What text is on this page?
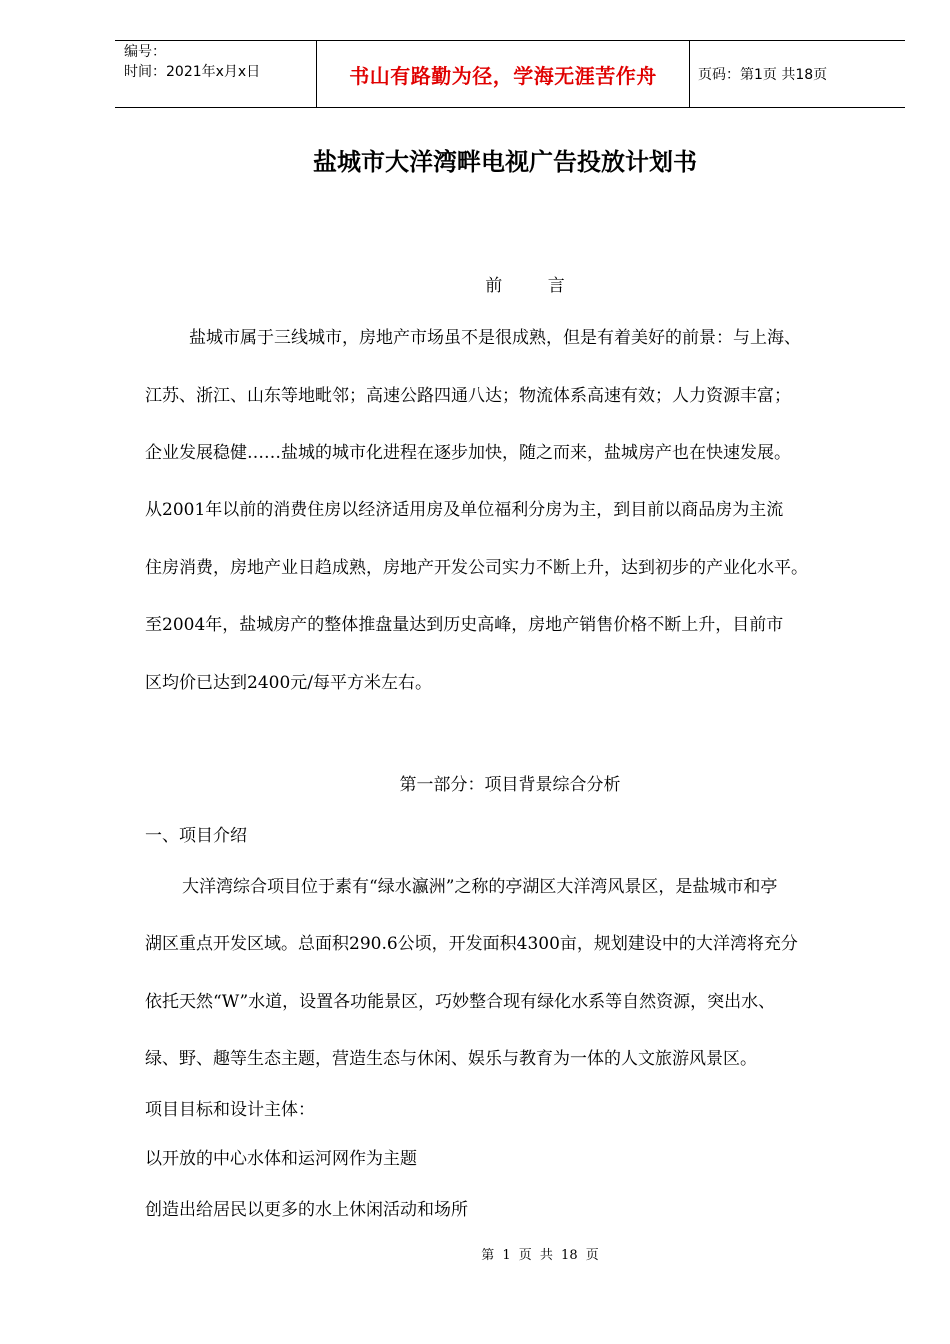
编号：
时间：2021年x月x日	书山有路勤为径，学海无涯苦作舟	页码：第1页 共18页
盐城市大洋湾畔电视广告投放计划书
前 言
盐城市属于三线城市，房地产市场虽不是很成熟，但是有着美好的前景：与上海、
江苏、浙江、山东等地毗邻；高速公路四通八达；物流体系高速有效；人力资源丰富；
企业发展稳健……盐城的城市化进程在逐步加快，随之而来，盐城房产也在快速发展。
从2001年以前的消费住房以经济适用房及单位福利分房为主，到目前以商品房为主流
住房消费，房地产业日趋成熟，房地产开发公司实力不断上升，达到初步的产业化水平。
至2004年，盐城房产的整体推盘量达到历史高峰，房地产销售价格不断上升，目前市
区均价已达到2400元/每平方米左右。
第一部分：项目背景综合分析
一、项目介绍
大洋湾综合项目位于素有“绿水瀛洲”之称的亭湖区大洋湾风景区，是盐城市和亭
湖区重点开发区域。总面积290.6公顷，开发面积4300亩，规划建设中的大洋湾将充分
依托天然“W”水道，设置各功能景区，巧妙整合现有绿化水系等自然资源，突出水、
绿、野、趣等生态主题，营造生态与休闲、娱乐与教育为一体的人文旅游风景区。
项目目标和设计主体：
以开放的中心水体和运河网作为主题
创造出给居民以更多的水上休闲活动和场所
第 1 页 共 18 页
